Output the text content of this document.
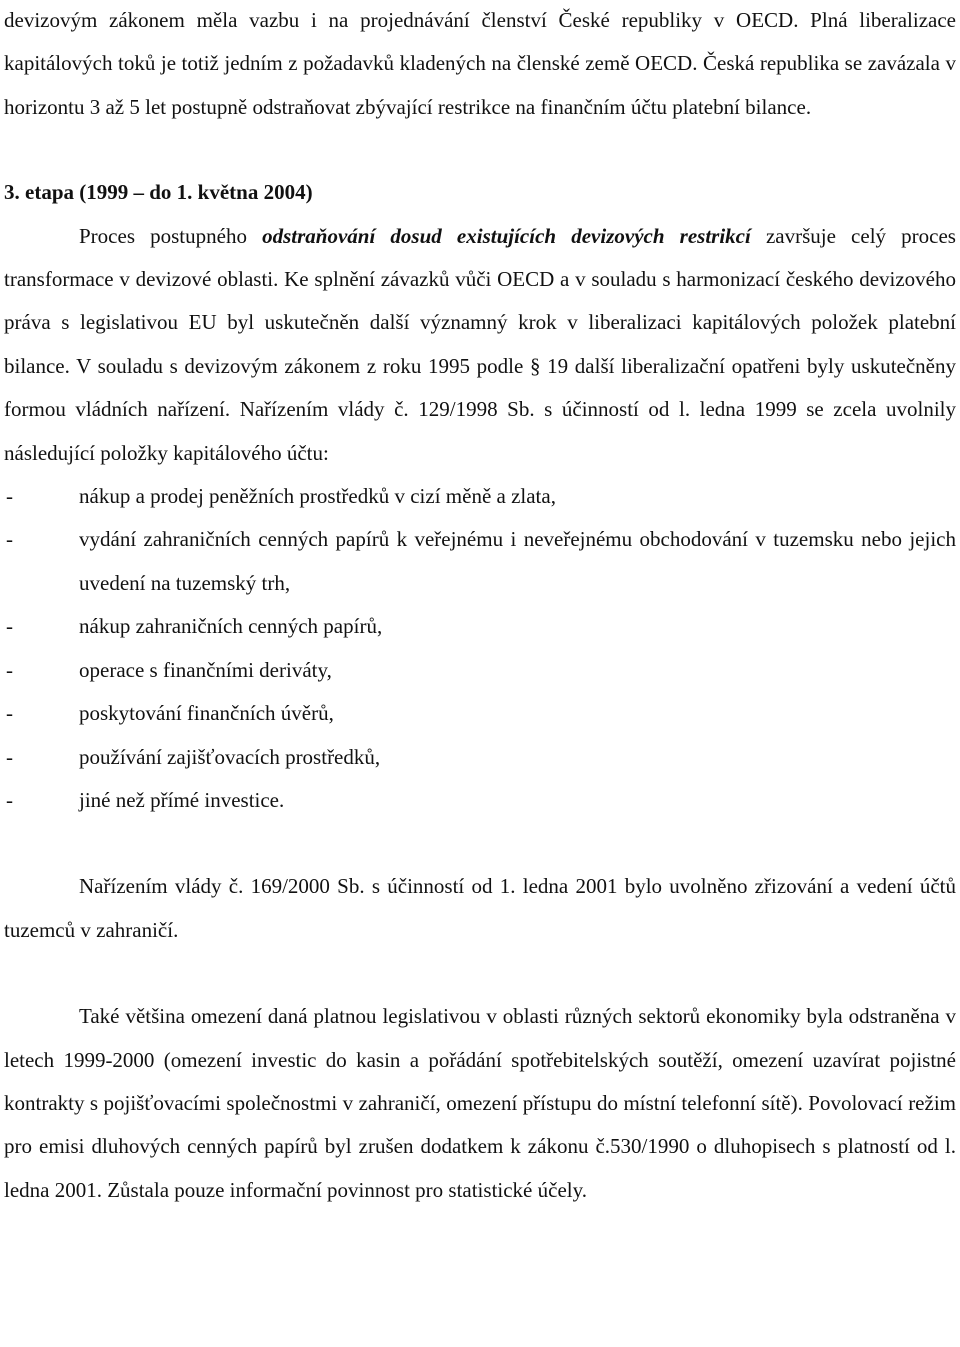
devizovým zákonem měla vazbu i na projednávání členství České republiky v OECD. Plná liberalizace kapitálových toků je totiž jedním z požadavků kladených na členské země OECD. Česká republika se zavázala v horizontu 3 až 5 let postupně odstraňovat zbývající restrikce na finančním účtu platební bilance.

3. etapa (1999 – do 1. května 2004)

Proces postupného odstraňování dosud existujících devizových restrikcí završuje celý proces transformace v devizové oblasti. Ke splnění závazků vůči OECD a v souladu s harmonizací českého devizového práva s legislativou EU byl uskutečněn další významný krok v liberalizaci kapitálových položek platební bilance. V souladu s devizovým zákonem z roku 1995 podle § 19 další liberalizační opatřeni byly uskutečněny formou vládních nařízení. Nařízením vlády č. 129/1998 Sb. s účinností od l. ledna 1999 se zcela uvolnily následující položky kapitálového účtu:

-	nákup a prodej peněžních prostředků v cizí měně a zlata,
-	vydání zahraničních cenných papírů k veřejnému i neveřejnému obchodování v tuzemsku nebo jejich uvedení na tuzemský trh,
-	nákup zahraničních cenných papírů,
-	operace s finančními deriváty,
-	poskytování finančních úvěrů,
-	používání zajišťovacích prostředků,
-	jiné než přímé investice.

Nařízením vlády č. 169/2000 Sb. s účinností od 1. ledna 2001 bylo uvolněno zřizování a vedení účtů tuzemců v zahraničí.

Také většina omezení daná platnou legislativou v oblasti různých sektorů ekonomiky byla odstraněna v letech 1999-2000 (omezení investic do kasin a pořádání spotřebitelských soutěží, omezení uzavírat pojistné kontrakty s pojišťovacími společnostmi v zahraničí, omezení přístupu do místní telefonní sítě). Povolovací režim pro emisi dluhových cenných papírů byl zrušen dodatkem k zákonu č.530/1990 o dluhopisech s platností od l. ledna 2001. Zůstala pouze informační povinnost pro statistické účely.
